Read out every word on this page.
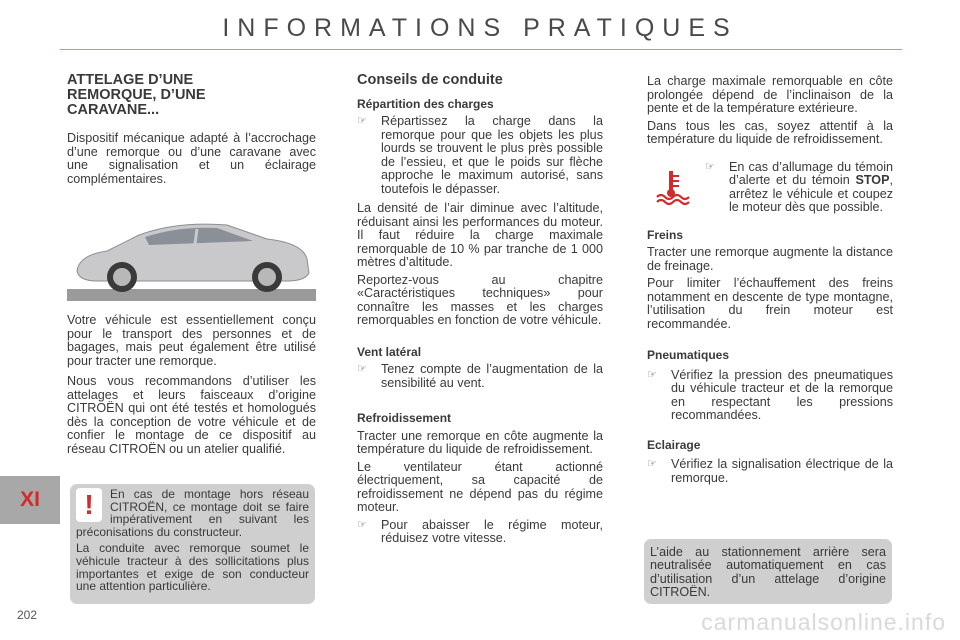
INFORMATIONS PRATIQUES
ATTELAGE D’UNE REMORQUE, D’UNE CARAVANE...

Dispositif mécanique adapté à l’accrochage d’une remorque ou d’une caravane avec une signalisation et un éclairage complémentaires.

Votre véhicule est essentiellement conçu pour le transport des personnes et de bagages, mais peut également être utilisé pour tracter une remorque.

Nous vous recommandons d’utiliser les attelages et leurs faisceaux d’origine CITROËN qui ont été testés et homologués dès la conception de votre véhicule et de confier le montage de ce dispositif au réseau CITROËN ou un atelier qualifié.

!	En cas de montage hors réseau CITROËN, ce montage doit se faire impérativement en suivant les préconisations du constructeur.

La conduite avec remorque soumet le véhicule tracteur à des sollicitations plus importantes et exige de son conducteur une attention particulière.

Conseils de conduite
Répartition des charges
☞	Répartissez la charge dans la remorque pour que les objets les plus lourds se trouvent le plus près possible de l’essieu, et que le poids sur flèche approche le maximum autorisé, sans toutefois le dépasser.

La densité de l’air diminue avec l’altitude, réduisant ainsi les performances du moteur. Il faut réduire la charge maximale remorquable de 10 % par tranche de 1 000 mètres d’altitude.

Reportez-vous au chapitre «Caractéristiques techniques» pour connaître les masses et les charges remorquables en fonction de votre véhicule.

Vent latéral
☞	Tenez compte de l’augmentation de la sensibilité au vent.
Refroidissement

Tracter une remorque en côte augmente la température du liquide de refroidissement.

Le ventilateur étant actionné électriquement, sa capacité de refroidissement ne dépend pas du régime moteur.

☞	Pour abaisser le régime moteur, réduisez votre vitesse.

La charge maximale remorquable en côte prolongée dépend de l’inclinaison de la pente et de la température extérieure.

Dans tous les cas, soyez attentif à la température du liquide de refroidissement.

☞	En cas d’allumage du témoin d’alerte et du témoin STOP, arrêtez le véhicule et coupez le moteur dès que possible.
Freins

Tracter une remorque augmente la distance de freinage.

Pour limiter l’échauffement des freins notamment en descente de type montagne, l’utilisation du frein moteur est recommandée.

Pneumatiques
☞	Vérifiez la pression des pneumatiques du véhicule tracteur et de la remorque en respectant les pressions recommandées.
Eclairage
☞	Vérifiez la signalisation électrique de la remorque.
L’aide au stationnement arrière sera neutralisée automatiquement en cas d’utilisation d’un attelage d’origine CITROËN.
XI
202	carmanualsonline.info
